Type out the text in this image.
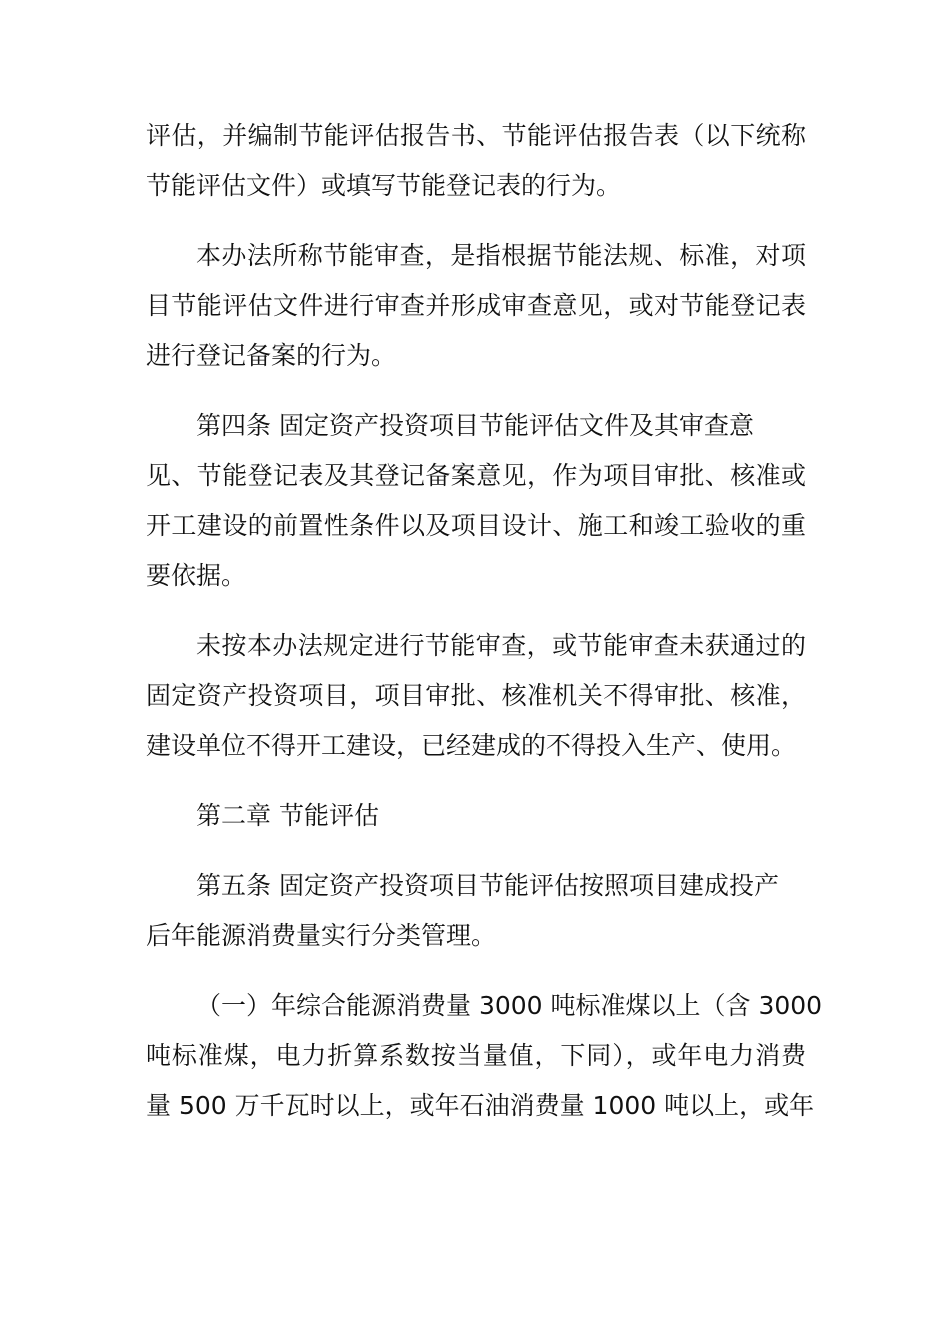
评估，并编制节能评估报告书、节能评估报告表（以下统称
节能评估文件）或填写节能登记表的行为。
本办法所称节能审查，是指根据节能法规、标准，对项
目节能评估文件进行审查并形成审查意见，或对节能登记表
进行登记备案的行为。
第四条 固定资产投资项目节能评估文件及其审查意
见、节能登记表及其登记备案意见，作为项目审批、核准或
开工建设的前置性条件以及项目设计、施工和竣工验收的重
要依据。
未按本办法规定进行节能审查，或节能审查未获通过的
固定资产投资项目，项目审批、核准机关不得审批、核准，
建设单位不得开工建设，已经建成的不得投入生产、使用。
第二章 节能评估
第五条 固定资产投资项目节能评估按照项目建成投产
后年能源消费量实行分类管理。
（一）年综合能源消费量 3000 吨标准煤以上（含 3000
吨标准煤，电力折算系数按当量值，下同），或年电力消费
量 500 万千瓦时以上，或年石油消费量 1000 吨以上，或年
